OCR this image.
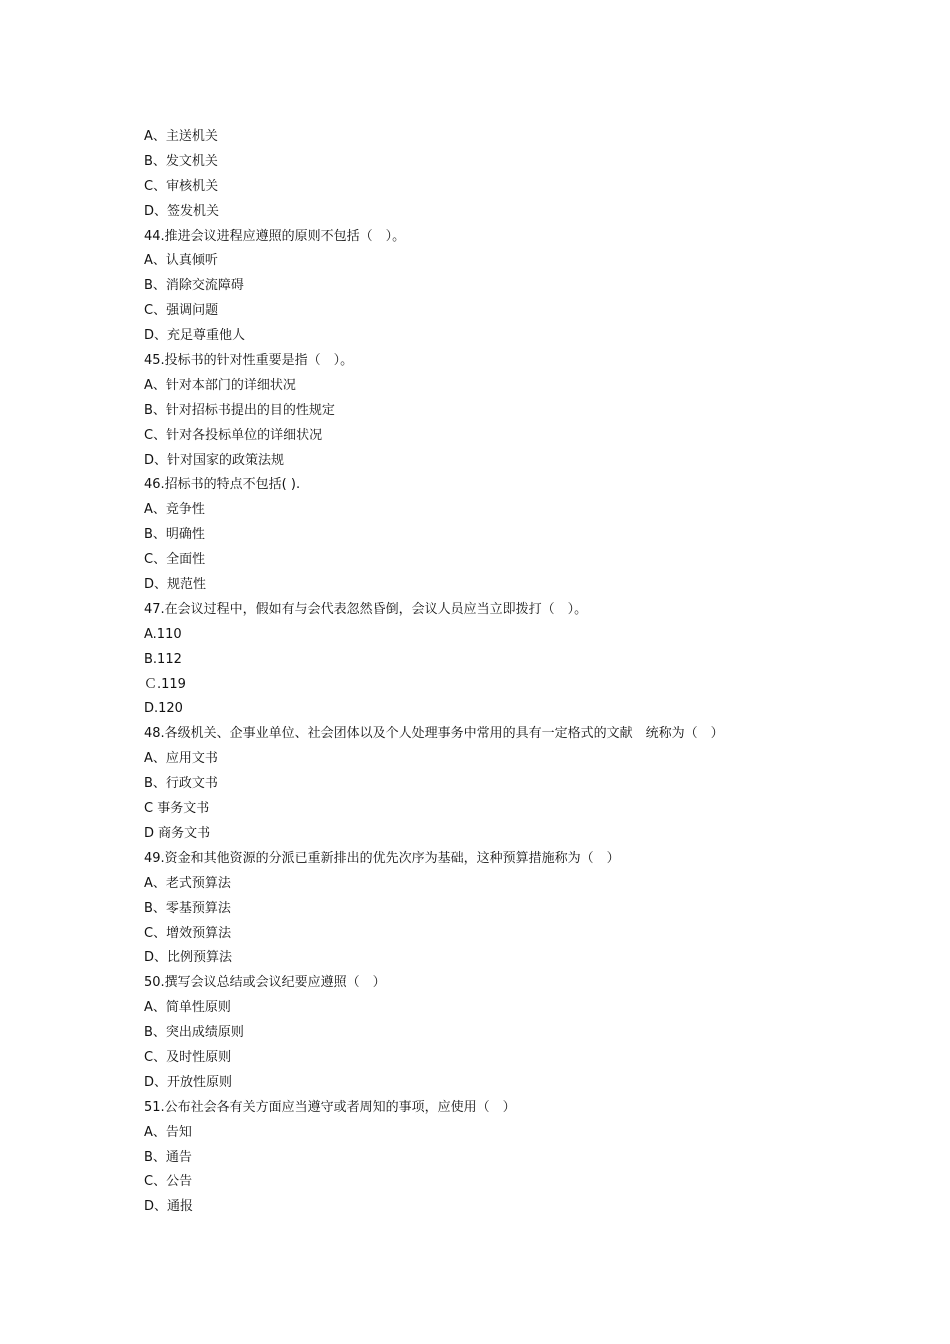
A、主送机关
B、发文机关
C、审核机关
D、签发机关
44.推进会议进程应遵照的原则不包括（　）。
A、认真倾听
B、消除交流障碍
C、强调问题
D、充足尊重他人
45.投标书的针对性重要是指（　）。
A、针对本部门的详细状况
B、针对招标书提出的目的性规定
C、针对各投标单位的详细状况
D、针对国家的政策法规
46.招标书的特点不包括( ).
A、竞争性
B、明确性
C、全面性
D、规范性
47.在会议过程中，假如有与会代表忽然昏倒，会议人员应当立即拨打（　）。
A.110
B.112
Ｃ.119
D.120
48.各级机关、企事业单位、社会团体以及个人处理事务中常用的具有一定格式的文献　统称为（　）
A、应用文书
B、行政文书
C 事务文书
D 商务文书
49.资金和其他资源的分派已重新排出的优先次序为基础，这种预算措施称为（　）
A、老式预算法
B、零基预算法
C、增效预算法
D、比例预算法
50.撰写会议总结或会议纪要应遵照（　）
A、简单性原则
B、突出成绩原则
C、及时性原则
D、开放性原则
51.公布社会各有关方面应当遵守或者周知的事项，应使用（　）
A、告知
B、通告
C、公告
D、通报
